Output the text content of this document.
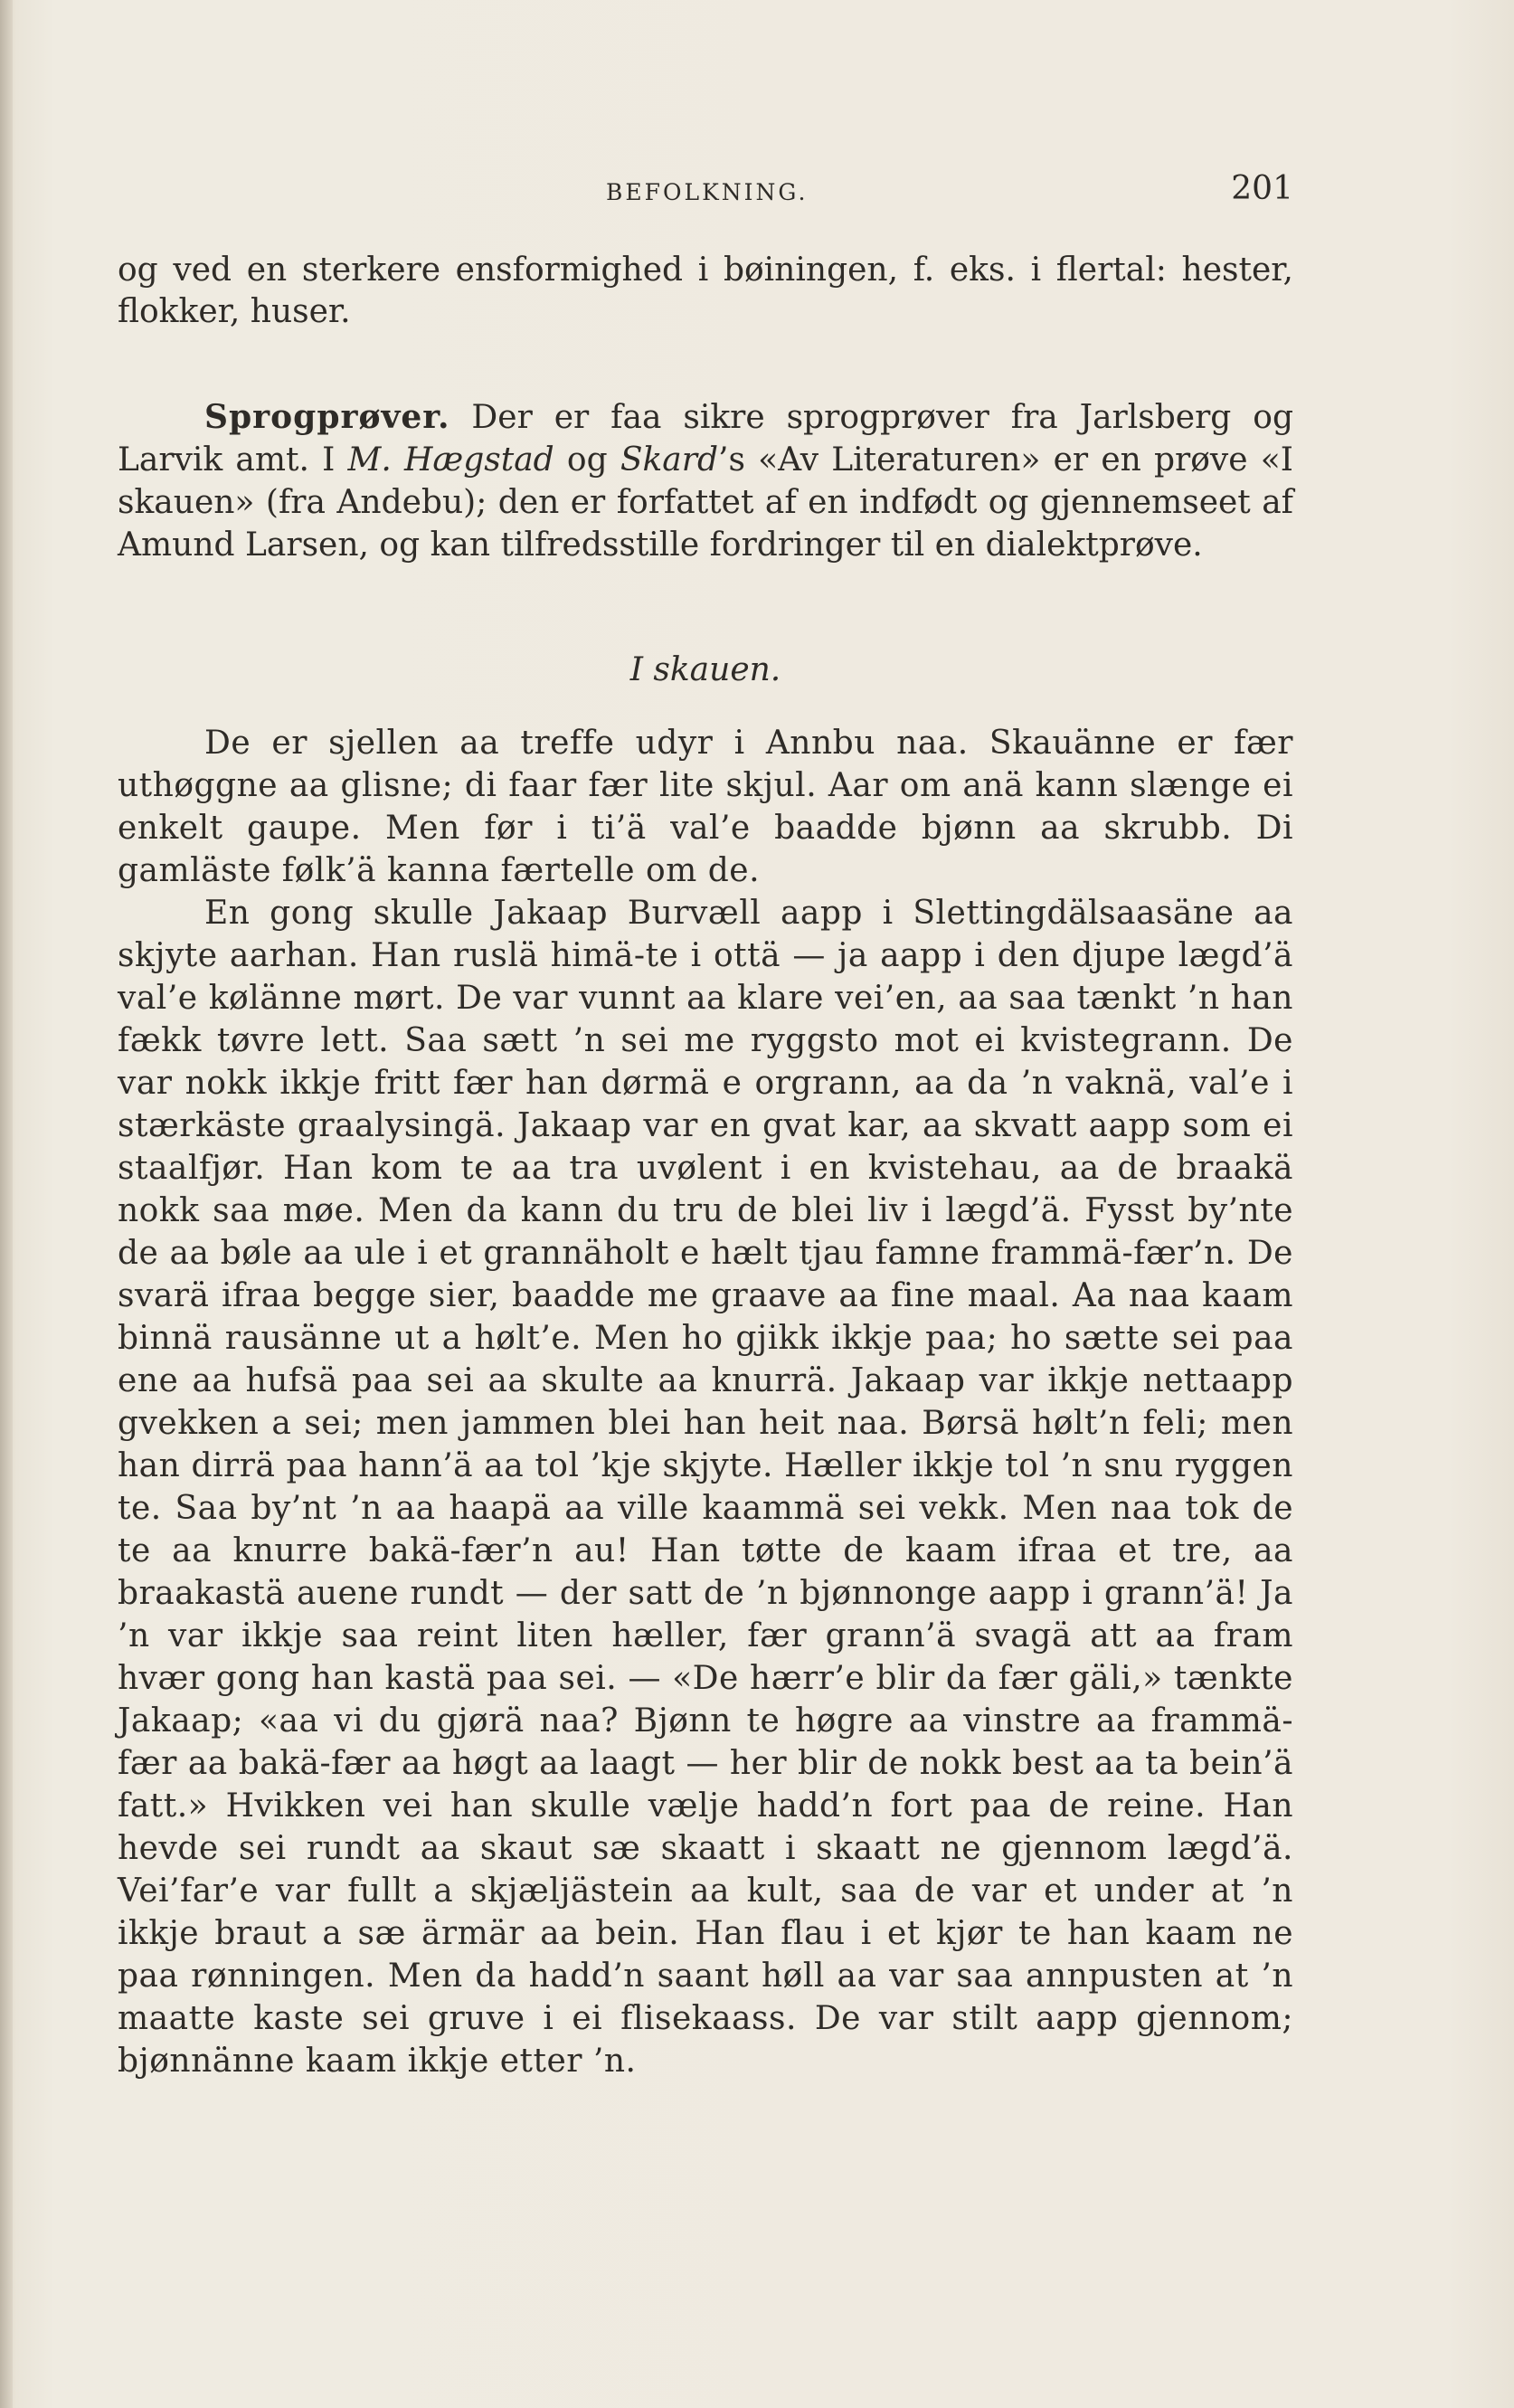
BEFOLKNING.	201

og ved en sterkere ensformighed i bøiningen, f. eks. i flertal: hester, flokker, huser.

Sprogprøver. Der er faa sikre sprogprøver fra Jarlsberg og Larvik amt. I M. Hægstad og Skard’s «Av Literaturen» er en prøve «I skauen» (fra Andebu); den er forfattet af en indfødt og gjennemseet af Amund Larsen, og kan tilfredsstille fordringer til en dialektprøve.

I skauen.

De er sjellen aa treffe udyr i Annbu naa. Skauänne er fær uthøggne aa glisne; di faar fær lite skjul. Aar om anä kann slænge ei enkelt gaupe. Men før i ti’ä val’e baadde bjønn aa skrubb. Di gamläste følk’ä kanna færtelle om de.

En gong skulle Jakaap Burvæll aapp i Slettingdälsaasäne aa skjyte aarhan. Han ruslä himä-te i ottä — ja aapp i den djupe lægd’ä val’e kølänne mørt. De var vunnt aa klare vei’en, aa saa tænkt ’n han fækk tøvre lett. Saa sætt ’n sei me ryggsto mot ei kvistegrann. De var nokk ikkje fritt fær han dørmä e orgrann, aa da ’n vaknä, val’e i stærkäste graalysingä. Jakaap var en gvat kar, aa skvatt aapp som ei staalfjør. Han kom te aa tra uvølent i en kvistehau, aa de braakä nokk saa møe. Men da kann du tru de blei liv i lægd’ä. Fysst by’nte de aa bøle aa ule i et grannäholt e hælt tjau famne frammä-fær’n. De svarä ifraa begge sier, baadde me graave aa fine maal. Aa naa kaam binnä rausänne ut a hølt’e. Men ho gjikk ikkje paa; ho sætte sei paa ene aa hufsä paa sei aa skulte aa knurrä. Jakaap var ikkje nettaapp gvekken a sei; men jammen blei han heit naa. Børsä hølt’n feli; men han dirrä paa hann’ä aa tol ’kje skjyte. Hæller ikkje tol ’n snu ryggen te. Saa by’nt ’n aa haapä aa ville kaammä sei vekk. Men naa tok de te aa knurre bakä-fær’n au! Han tøtte de kaam ifraa et tre, aa braakastä auene rundt — der satt de ’n bjønnonge aapp i grann’ä! Ja ’n var ikkje saa reint liten hæller, fær grann’ä svagä att aa fram hvær gong han kastä paa sei. — «De hærr’e blir da fær gäli,» tænkte Jakaap; «aa vi du gjørä naa? Bjønn te høgre aa vinstre aa frammä-fær aa bakä-fær aa høgt aa laagt — her blir de nokk best aa ta bein’ä fatt.» Hvikken vei han skulle vælje hadd’n fort paa de reine. Han hevde sei rundt aa skaut sæ skaatt i skaatt ne gjennom lægd’ä. Vei’far’e var fullt a skjæljästein aa kult, saa de var et under at ’n ikkje braut a sæ ärmär aa bein. Han flau i et kjør te han kaam ne paa rønningen. Men da hadd’n saant høll aa var saa annpusten at ’n maatte kaste sei gruve i ei flisekaass. De var stilt aapp gjennom; bjønnänne kaam ikkje etter ’n.
